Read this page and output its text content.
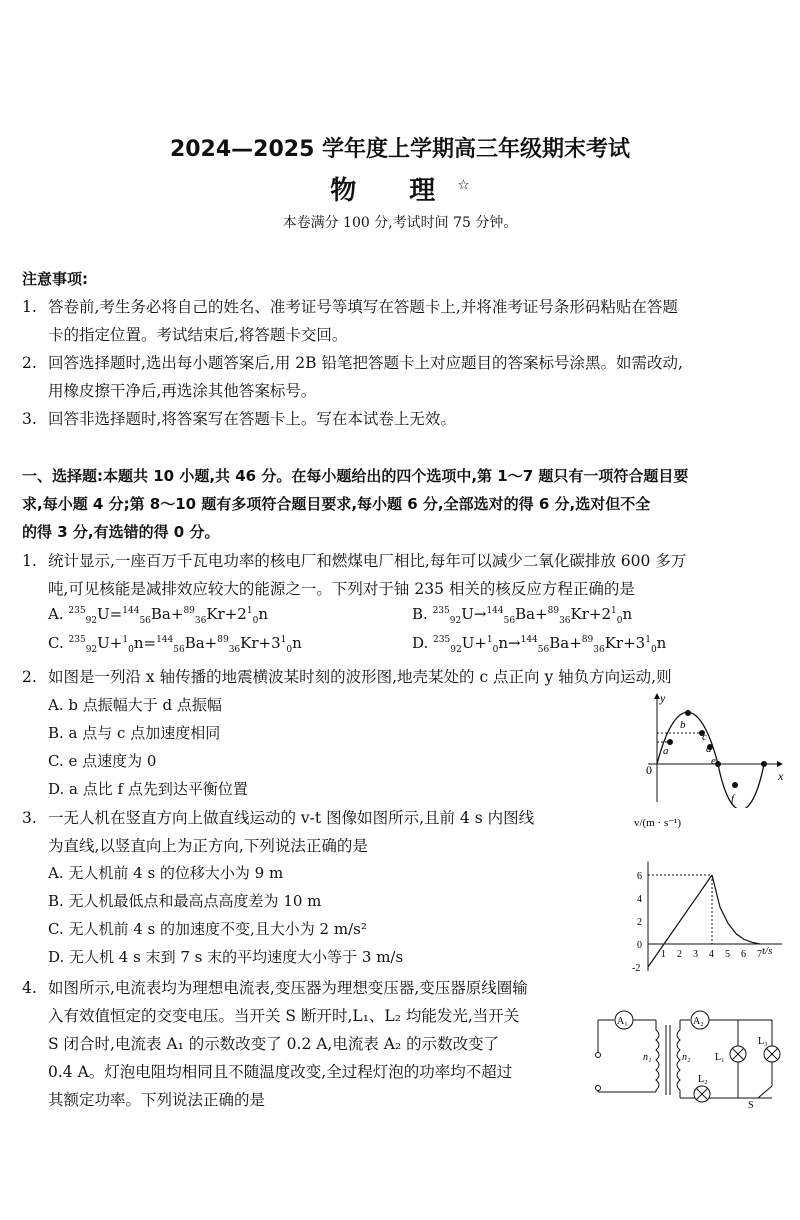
2024—2025 学年度上学期高三年级期末考试
物 理☆
本卷满分 100 分,考试时间 75 分钟。
注意事项:
1. 答卷前,考生务必将自己的姓名、准考证号等填写在答题卡上,并将准考证号条形码粘贴在答题
卡的指定位置。考试结束后,将答题卡交回。
2. 回答选择题时,选出每小题答案后,用 2B 铅笔把答题卡上对应题目的答案标号涂黑。如需改动,
用橡皮擦干净后,再选涂其他答案标号。
3. 回答非选择题时,将答案写在答题卡上。写在本试卷上无效。
一、选择题:本题共 10 小题,共 46 分。在每小题给出的四个选项中,第 1～7 题只有一项符合题目要
求,每小题 4 分;第 8～10 题有多项符合题目要求,每小题 6 分,全部选对的得 6 分,选对但不全
的得 3 分,有选错的得 0 分。
1. 统计显示,一座百万千瓦电功率的核电厂和燃煤电厂相比,每年可以减少二氧化碳排放 600 多万
吨,可见核能是减排效应较大的能源之一。下列对于铀 235 相关的核反应方程正确的是
A. $^{235}_{92}U=^{144}_{56}Ba+^{89}_{36}Kr+2^1_0n$	B. $^{235}_{92}U\to^{144}_{56}Ba+^{89}_{36}Kr+2^1_0n$
C. $^{235}_{92}U+^1_0n=^{144}_{56}Ba+^{89}_{36}Kr+3^1_0n$	D. $^{235}_{92}U+^1_0n\to^{144}_{56}Ba+^{89}_{36}Kr+3^1_0n$
2. 如图是一列沿 x 轴传播的地震横波某时刻的波形图,地壳某处的 c 点正向 y 轴负方向运动,则
A. b 点振幅大于 d 点振幅
B. a 点与 c 点加速度相同
C. e 点速度为 0
D. a 点比 f 点先到达平衡位置
y
x
0
a
b
c
d
e
f
3. 一无人机在竖直方向上做直线运动的 v-t 图像如图所示,且前 4 s 内图线
为直线,以竖直向上为正方向,下列说法正确的是
A. 无人机前 4 s 的位移大小为 9 m
B. 无人机最低点和最高点高度差为 10 m
C. 无人机前 4 s 的加速度不变,且大小为 2 m/s²
D. 无人机 4 s 末到 7 s 末的平均速度大小等于 3 m/s
v/(m · s⁻¹)
t/s
1 2 3 4 5 6 7
6
4
2
0
-2
4. 如图所示,电流表均为理想电流表,变压器为理想变压器,变压器原线圈输
入有效值恒定的交变电压。当开关 S 断开时,L₁、L₂ 均能发光,当开关
S 闭合时,电流表 A₁ 的示数改变了 0.2 A,电流表 A₂ 的示数改变了
0.4 A。灯泡电阻均相同且不随温度改变,全过程灯泡的功率均不超过
其额定功率。下列说法正确的是
A₁	A₂
n₁	n₂ L₁
L₃
L₂
S
